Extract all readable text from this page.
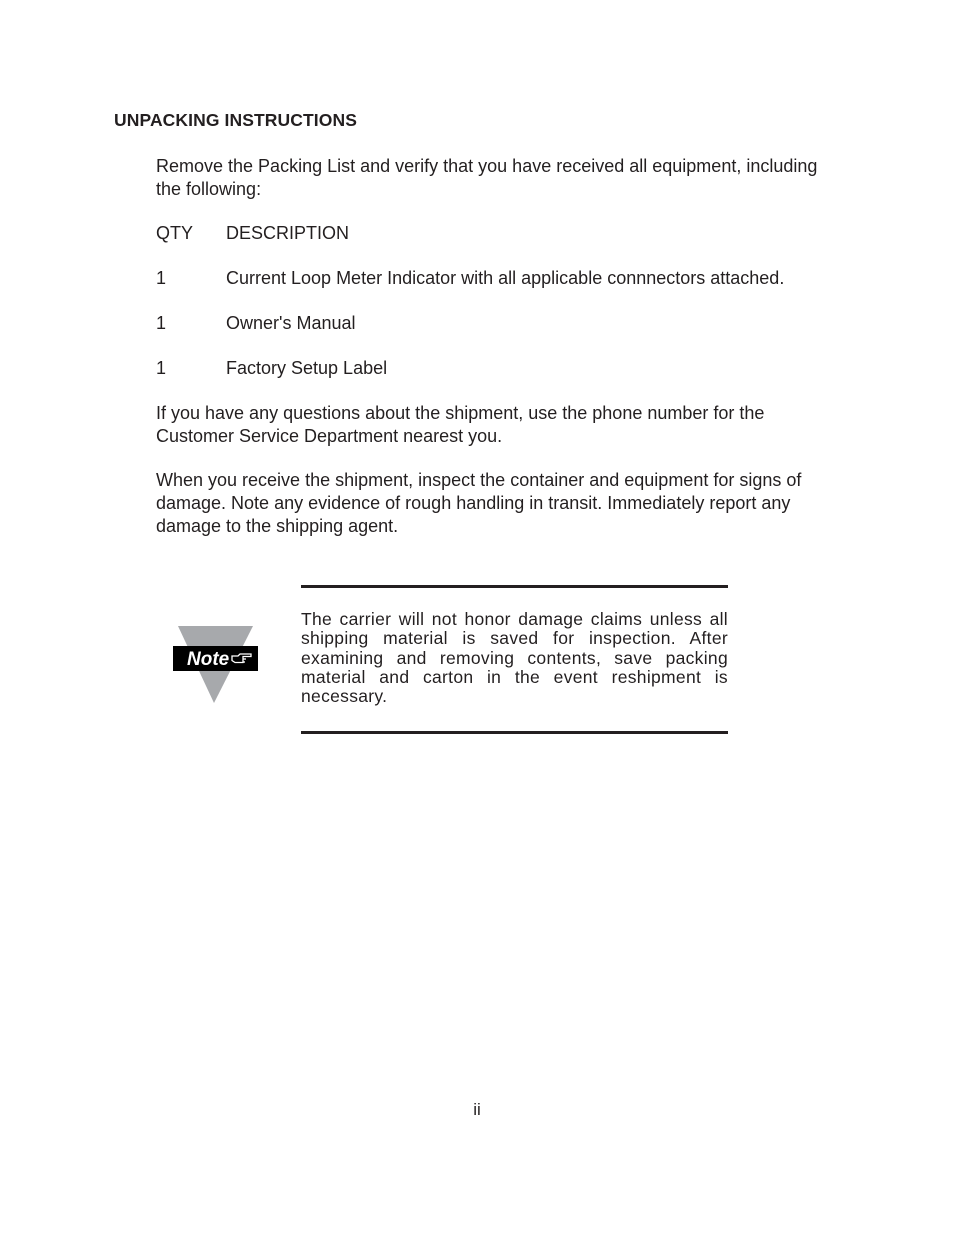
UNPACKING INSTRUCTIONS
Remove the Packing List and verify that you have received all equipment, including the following:
QTY DESCRIPTION
1	Current Loop Meter Indicator with all applicable connnectors attached.
1	Owner's Manual
1	Factory Setup Label
If you have any questions about the shipment, use the phone number for the Customer Service Department nearest you.
When you receive the shipment, inspect the container and equipment for signs of damage. Note any evidence of rough handling in transit. Immediately report any damage to the shipping agent.
Note
The carrier will not honor damage claims unless all shipping material is saved for inspection. After examining and removing contents, save packing material and carton in the event reshipment is necessary.
ii
